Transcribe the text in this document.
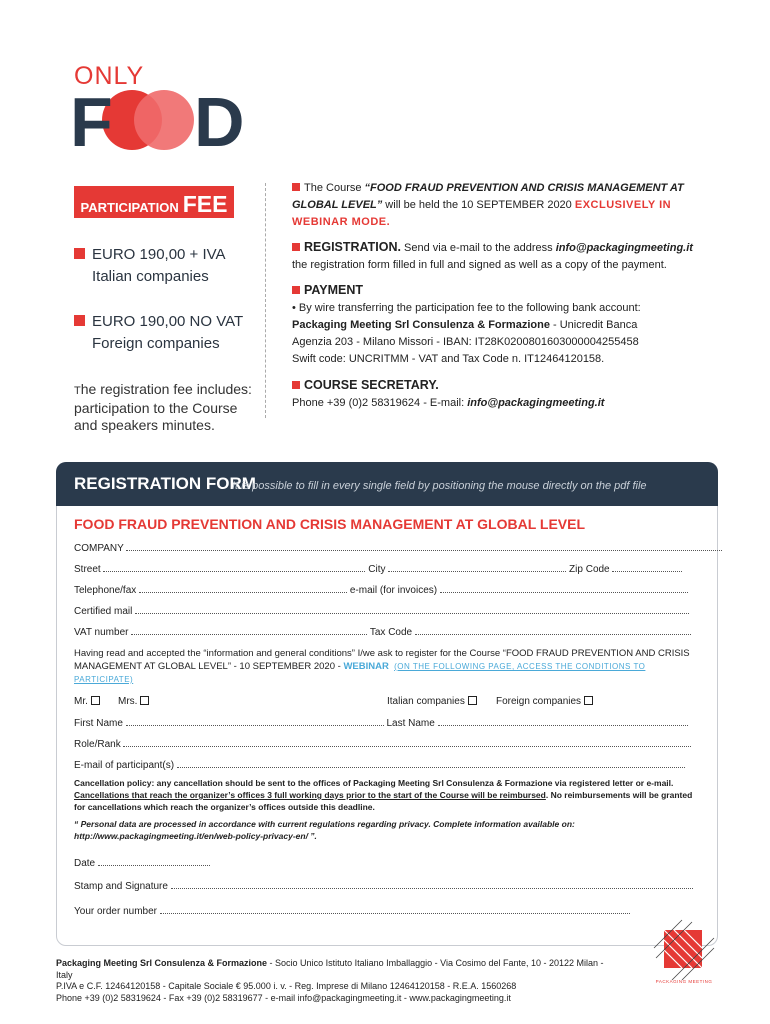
ONLY
F D
PARTICIPATION FEE
EURO 190,00 + IVA
Italian companies
EURO 190,00 NO VAT
Foreign companies
The registration fee includes: participation to the Course and speakers minutes.
The Course “FOOD FRAUD PREVENTION AND CRISIS MANAGEMENT AT GLOBAL LEVEL” will be held the 10 SEPTEMBER 2020 EXCLUSIVELY IN WEBINAR MODE.
REGISTRATION. Send via e-mail to the address info@packagingmeeting.it
the registration form filled in full and signed as well as a copy of the payment.
PAYMENT
• By wire transferring the participation fee to the following bank account:
Packaging Meeting Srl Consulenza & Formazione - Unicredit Banca
Agenzia 203 - Milano Missori - IBAN: IT28K0200801603000004255458
Swift code: UNCRITMM - VAT and Tax Code n. IT12464120158.
COURSE SECRETARY.
Phone +39 (0)2 58319624 - E-mail: info@packagingmeeting.it
REGISTRATION FORM
It is possible to fill in every single field by positioning the mouse directly on the pdf file
FOOD FRAUD PREVENTION AND CRISIS MANAGEMENT AT GLOBAL LEVEL
COMPANY
Street	City	Zip Code
Telephone/fax	e-mail (for invoices)
Certified mail
VAT number	Tax Code
Having read and accepted the “information and general conditions” I/we ask to register for the Course “FOOD FRAUD PREVENTION AND CRISIS
MANAGEMENT AT GLOBAL LEVEL” - 10 SEPTEMBER 2020 - WEBINAR (ON THE FOLLOWING PAGE, ACCESS THE CONDITIONS TO PARTICIPATE)
Mr.	Mrs.	Italian companies	Foreign companies
First Name	Last Name
Role/Rank
E-mail of participant(s)
Cancellation policy: any cancellation should be sent to the offices of Packaging Meeting Srl Consulenza & Formazione via registered letter or e-mail. Cancellations that reach the organizer’s offices 3 full working days prior to the start of the Course will be reimbursed. No reimbursements will be granted for cancellations which reach the organizer’s offices outside this deadline.
“ Personal data are processed in accordance with current regulations regarding privacy. Complete information available on: http://www.packagingmeeting.it/en/web-policy-privacy-en/ ”.
Date
Stamp and Signature
Your order number
Packaging Meeting Srl Consulenza & Formazione - Socio Unico Istituto Italiano Imballaggio - Via Cosimo del Fante, 10 - 20122 Milan - Italy
P.IVA e C.F. 12464120158 - Capitale Sociale € 95.000 i. v. - Reg. Imprese di Milano 12464120158 - R.E.A. 1560268
Phone +39 (0)2 58319624 - Fax +39 (0)2 58319677 - e-mail info@packagingmeeting.it - www.packagingmeeting.it
PACKAGING MEETING
